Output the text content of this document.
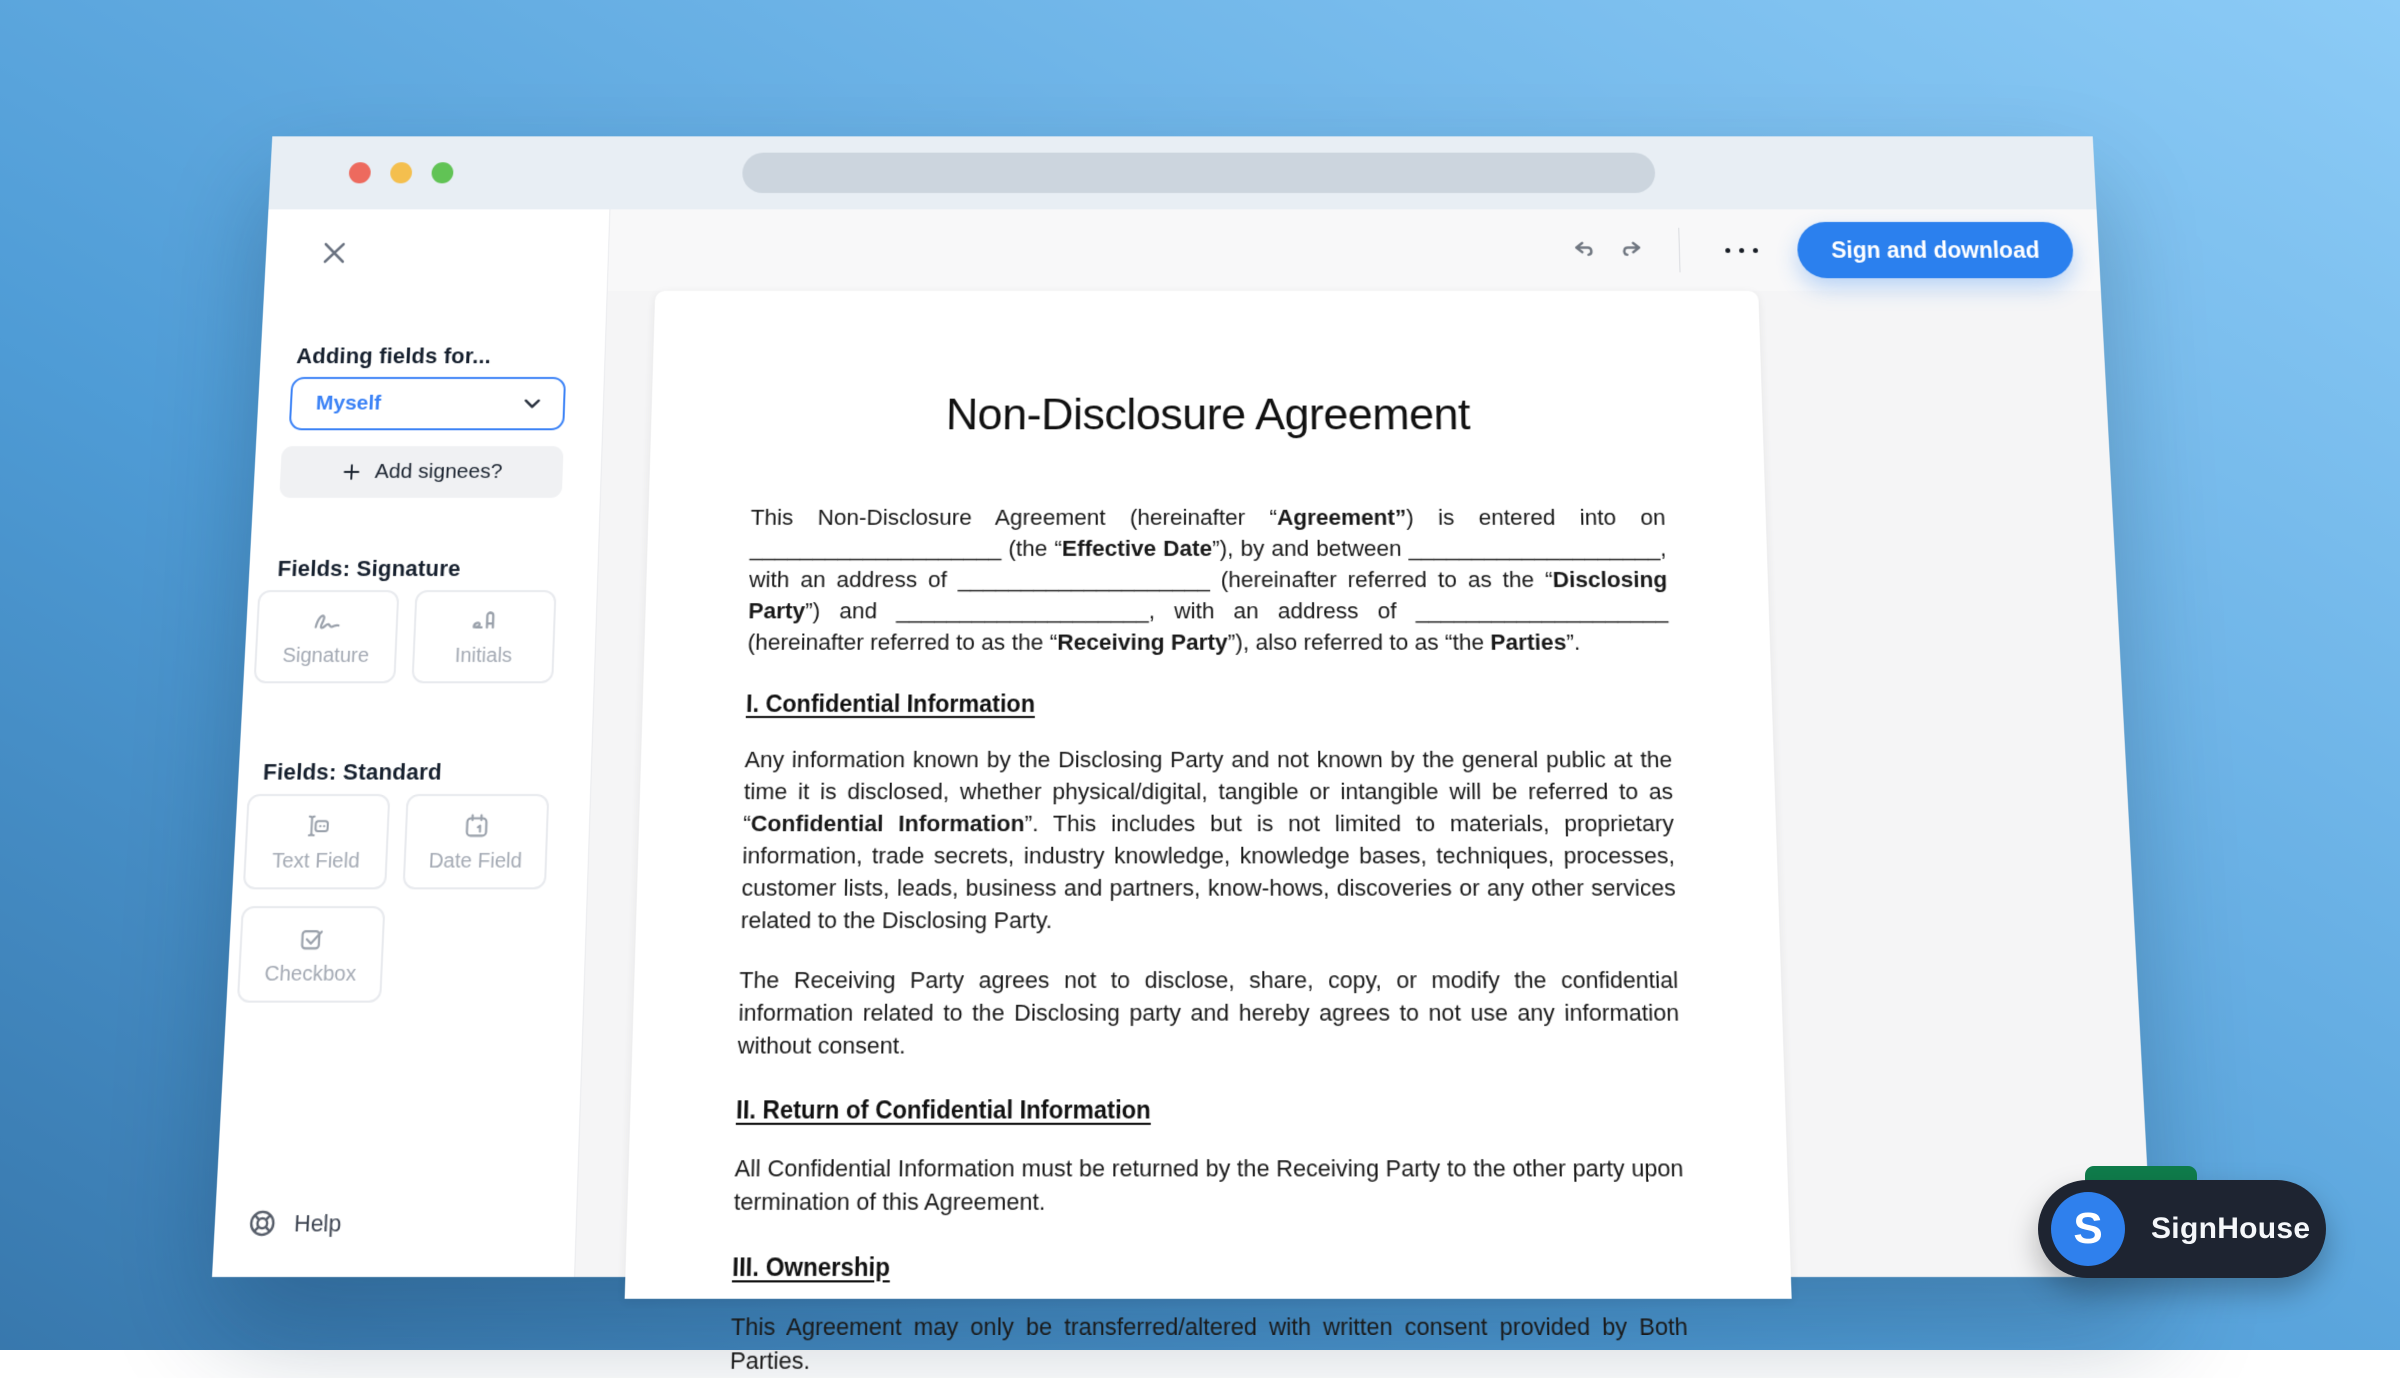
Adding fields for...
Myself
Add signees?
Fields: Signature
Signature	Initials
Fields: Standard
Text Field	Date Field
Checkbox
Help
Sign and download
Non-Disclosure Agreement

This Non-Disclosure Agreement (hereinafter “Agreement”) is entered into on ____________________ (the “Effective Date”), by and between ____________________, with an address of ____________________ (hereinafter referred to as the “Disclosing Party”) and ____________________, with an address of ____________________ (hereinafter referred to as the “Receiving Party”), also referred to as “the Parties”.

I. Confidential Information

Any information known by the Disclosing Party and not known by the general public at the time it is disclosed, whether physical/digital, tangible or intangible will be referred to as “Confidential Information”. This includes but is not limited to materials, proprietary information, trade secrets, industry knowledge, knowledge bases, techniques, processes, customer lists, leads, business and partners, know-hows, discoveries or any other services related to the Disclosing Party.

The Receiving Party agrees not to disclose, share, copy, or modify the confidential information related to the Disclosing party and hereby agrees to not use any information without consent.

II. Return of Confidential Information

All Confidential Information must be returned by the Receiving Party to the other party upon termination of this Agreement.

III. Ownership

This Agreement may only be transferred/altered with written consent provided by Both Parties.

S	SignHouse
